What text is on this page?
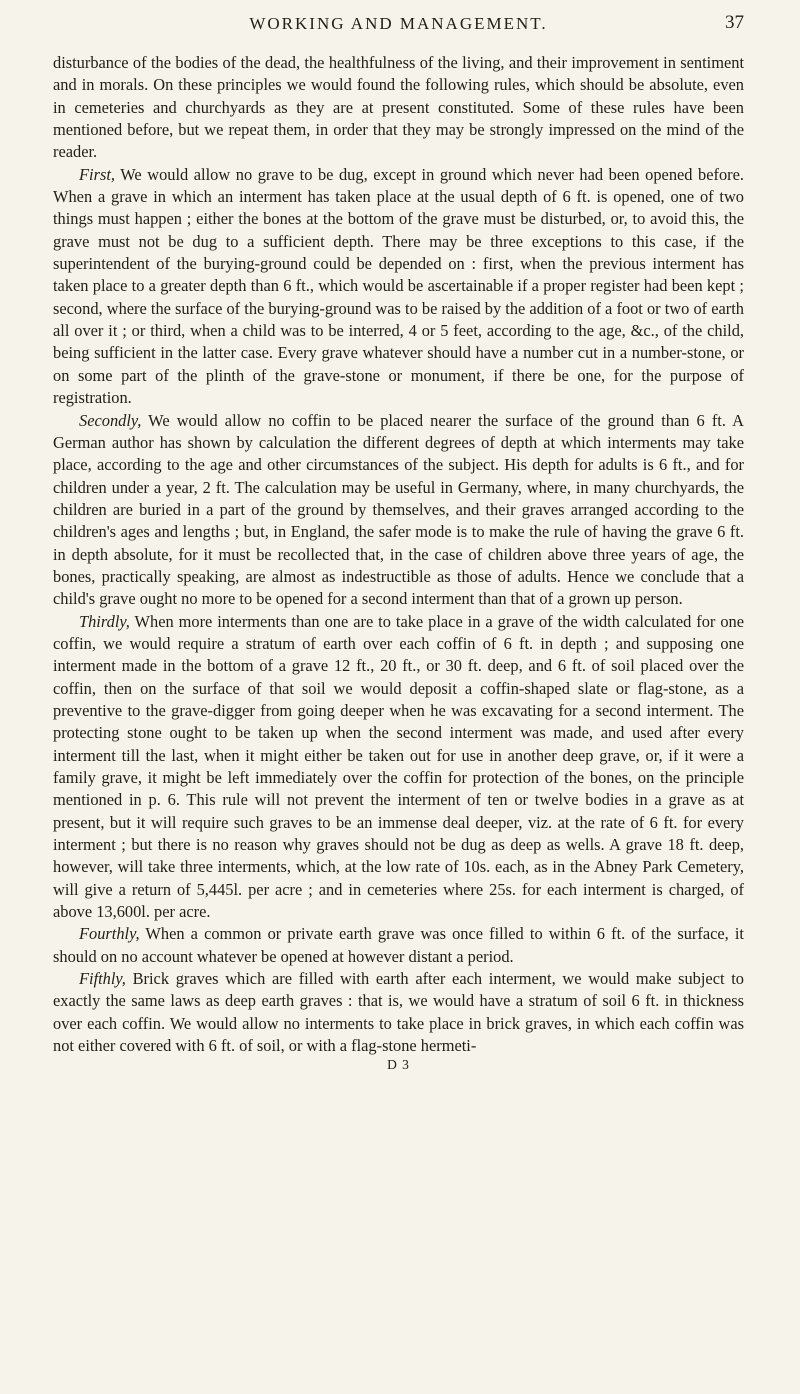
WORKING AND MANAGEMENT.	37

disturbance of the bodies of the dead, the healthfulness of the living, and their improvement in sentiment and in morals. On these principles we would found the following rules, which should be absolute, even in cemeteries and churchyards as they are at present constituted. Some of these rules have been mentioned before, but we repeat them, in order that they may be strongly impressed on the mind of the reader.

First, We would allow no grave to be dug, except in ground which never had been opened before. When a grave in which an interment has taken place at the usual depth of 6 ft. is opened, one of two things must happen ; either the bones at the bottom of the grave must be disturbed, or, to avoid this, the grave must not be dug to a sufficient depth. There may be three exceptions to this case, if the superintendent of the burying-ground could be depended on : first, when the previous interment has taken place to a greater depth than 6 ft., which would be ascertainable if a proper register had been kept ; second, where the surface of the burying-ground was to be raised by the addition of a foot or two of earth all over it ; or third, when a child was to be interred, 4 or 5 feet, according to the age, &c., of the child, being sufficient in the latter case. Every grave whatever should have a number cut in a number-stone, or on some part of the plinth of the grave-stone or monument, if there be one, for the purpose of registration.

Secondly, We would allow no coffin to be placed nearer the surface of the ground than 6 ft. A German author has shown by calculation the different degrees of depth at which interments may take place, according to the age and other circumstances of the subject. His depth for adults is 6 ft., and for children under a year, 2 ft. The calculation may be useful in Germany, where, in many churchyards, the children are buried in a part of the ground by themselves, and their graves arranged according to the children's ages and lengths ; but, in England, the safer mode is to make the rule of having the grave 6 ft. in depth absolute, for it must be recollected that, in the case of children above three years of age, the bones, practically speaking, are almost as indestructible as those of adults. Hence we conclude that a child's grave ought no more to be opened for a second interment than that of a grown up person.

Thirdly, When more interments than one are to take place in a grave of the width calculated for one coffin, we would require a stratum of earth over each coffin of 6 ft. in depth ; and supposing one interment made in the bottom of a grave 12 ft., 20 ft., or 30 ft. deep, and 6 ft. of soil placed over the coffin, then on the surface of that soil we would deposit a coffin-shaped slate or flag-stone, as a preventive to the grave-digger from going deeper when he was excavating for a second interment. The protecting stone ought to be taken up when the second interment was made, and used after every interment till the last, when it might either be taken out for use in another deep grave, or, if it were a family grave, it might be left immediately over the coffin for protection of the bones, on the principle mentioned in p. 6. This rule will not prevent the interment of ten or twelve bodies in a grave as at present, but it will require such graves to be an immense deal deeper, viz. at the rate of 6 ft. for every interment ; but there is no reason why graves should not be dug as deep as wells. A grave 18 ft. deep, however, will take three interments, which, at the low rate of 10s. each, as in the Abney Park Cemetery, will give a return of 5,445l. per acre ; and in cemeteries where 25s. for each interment is charged, of above 13,600l. per acre.

Fourthly, When a common or private earth grave was once filled to within 6 ft. of the surface, it should on no account whatever be opened at however distant a period.

Fifthly, Brick graves which are filled with earth after each interment, we would make subject to exactly the same laws as deep earth graves : that is, we would have a stratum of soil 6 ft. in thickness over each coffin. We would allow no interments to take place in brick graves, in which each coffin was not either covered with 6 ft. of soil, or with a flag-stone hermeti-

D 3
